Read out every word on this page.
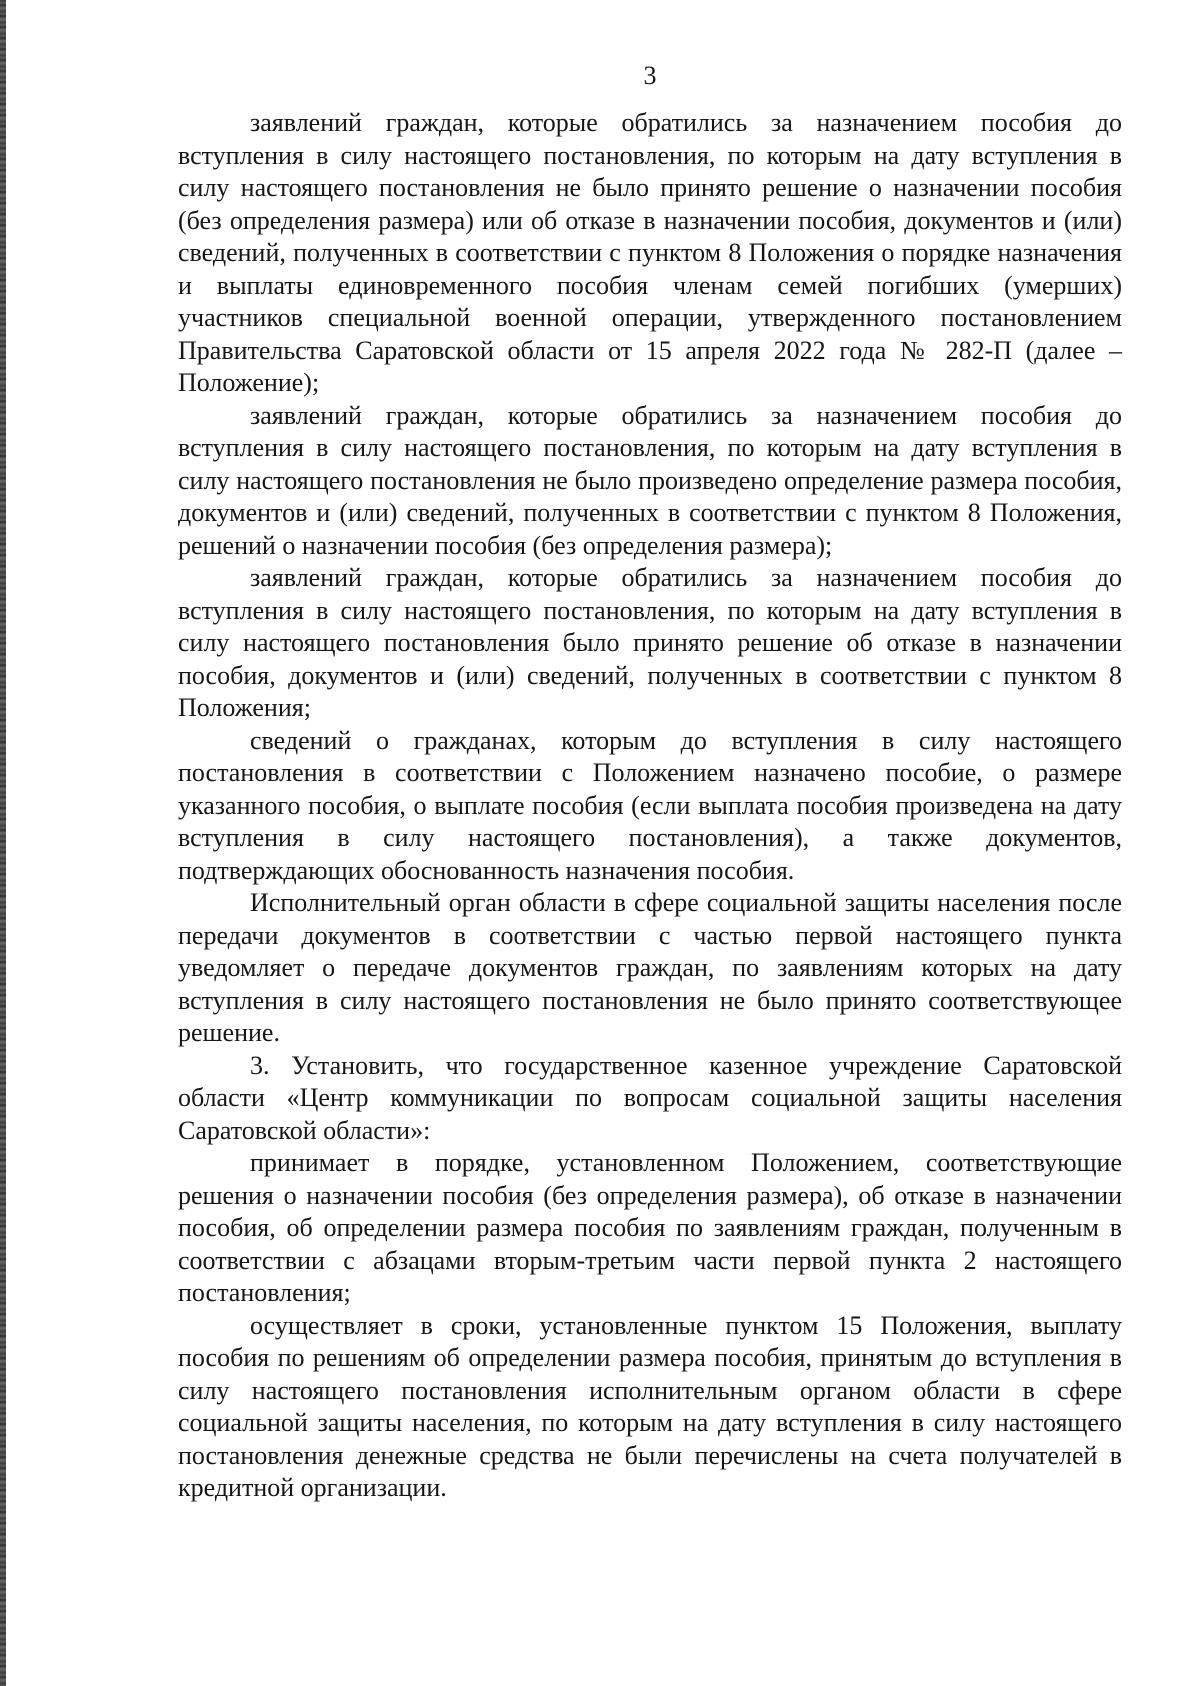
3

заявлений граждан, которые обратились за назначением пособия до вступления в силу настоящего постановления, по которым на дату вступления в силу настоящего постановления не было принято решение о назначении пособия (без определения размера) или об отказе в назначении пособия, документов и (или) сведений, полученных в соответствии с пунктом 8 Положения о порядке назначения и выплаты единовременного пособия членам семей погибших (умерших) участников специальной военной операции, утвержденного постановлением Правительства Саратовской области от 15 апреля 2022 года № 282-П (далее – Положение);

заявлений граждан, которые обратились за назначением пособия до вступления в силу настоящего постановления, по которым на дату вступления в силу настоящего постановления не было произведено определение размера пособия, документов и (или) сведений, полученных в соответствии с пунктом 8 Положения, решений о назначении пособия (без определения размера);

заявлений граждан, которые обратились за назначением пособия до вступления в силу настоящего постановления, по которым на дату вступления в силу настоящего постановления было принято решение об отказе в назначении пособия, документов и (или) сведений, полученных в соответствии с пунктом 8 Положения;

сведений о гражданах, которым до вступления в силу настоящего постановления в соответствии с Положением назначено пособие, о размере указанного пособия, о выплате пособия (если выплата пособия произведена на дату вступления в силу настоящего постановления), а также документов, подтверждающих обоснованность назначения пособия.

Исполнительный орган области в сфере социальной защиты населения после передачи документов в соответствии с частью первой настоящего пункта уведомляет о передаче документов граждан, по заявлениям которых на дату вступления в силу настоящего постановления не было принято соответствующее решение.

3. Установить, что государственное казенное учреждение Саратовской области «Центр коммуникации по вопросам социальной защиты населения Саратовской области»:

принимает в порядке, установленном Положением, соответствующие решения о назначении пособия (без определения размера), об отказе в назначении пособия, об определении размера пособия по заявлениям граждан, полученным в соответствии с абзацами вторым-третьим части первой пункта 2 настоящего постановления;

осуществляет в сроки, установленные пунктом 15 Положения, выплату пособия по решениям об определении размера пособия, принятым до вступления в силу настоящего постановления исполнительным органом области в сфере социальной защиты населения, по которым на дату вступления в силу настоящего постановления денежные средства не были перечислены на счета получателей в кредитной организации.
